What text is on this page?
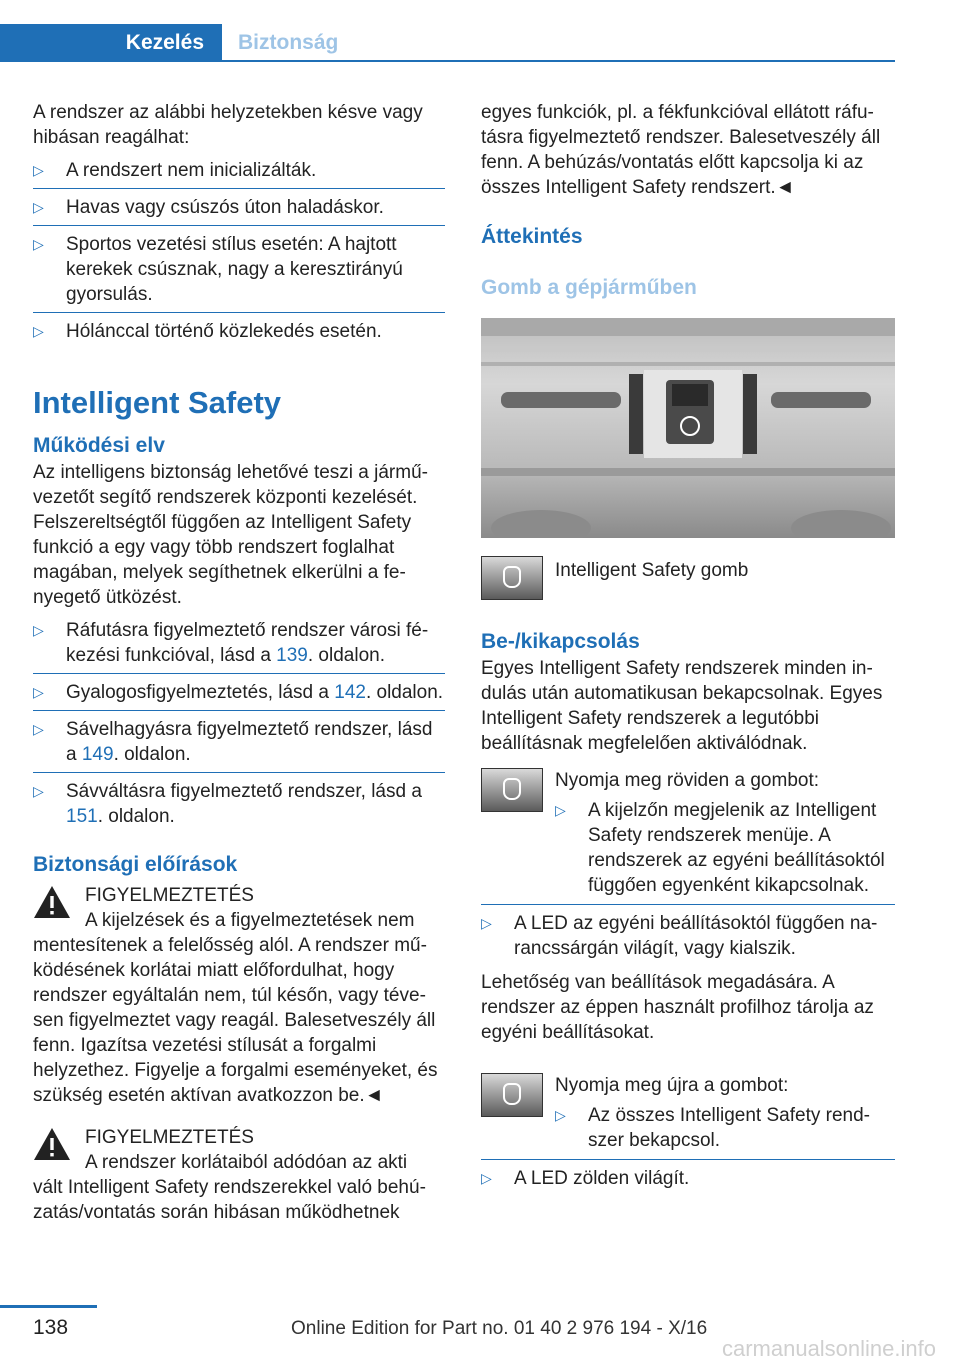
Kezelés	Biztonság

A rendszer az alábbi helyzetekben késve vagy hibásan reagálhat:

▷ A rendszert nem inicializálták.
▷ Havas vagy csúszós úton haladáskor.
▷ Sportos vezetési stílus esetén: A hajtott kerekek csúsznak, nagy a keresztirányú gyorsulás.
▷ Hólánccal történő közlekedés esetén.
Intelligent Safety
Működési elv

Az intelligens biztonság lehetővé teszi a járművezetőt segítő rendszerek központi kezelését. Felszereltségtől függően az Intelligent Safety funkció a egy vagy több rendszert foglalhat magában, melyek segíthetnek elkerülni a fenyegető ütközést.

▷ Ráfutásra figyelmeztető rendszer városi fékezési funkcióval, lásd a 139. oldalon.
▷ Gyalogosfigyelmeztetés, lásd a 142. oldalon.
▷ Sávelhagyásra figyelmeztető rendszer, lásd a 149. oldalon.
▷ Sávváltásra figyelmeztető rendszer, lásd a 151. oldalon.
Biztonsági előírások

FIGYELMEZTETÉS

A kijelzések és a figyelmeztetések nem

mentesítenek a felelősség alól. A rendszer működésének korlátai miatt előfordulhat, hogy rendszer egyáltalán nem, túl későn, vagy tévesen figyelmeztet vagy reagál. Balesetveszély áll fenn. Igazítsa vezetési stílusát a forgalmi helyzethez. Figyelje a forgalmi eseményeket, és szükség esetén aktívan avatkozzon be.◄

FIGYELMEZTETÉS

A rendszer korlátaiból adódóan az akti

vált Intelligent Safety rendszerekkel való behúzatás/vontatás során hibásan működhetnek

egyes funkciók, pl. a fékfunkcióval ellátott ráfutásra figyelmeztető rendszer. Balesetveszély áll fenn. A behúzás/vontatás előtt kapcsolja ki az összes Intelligent Safety rendszert.◄

Áttekintés
Gomb a gépjárműben
Intelligent Safety gomb
Be-/kikapcsolás

Egyes Intelligent Safety rendszerek minden indulás után automatikusan bekapcsolnak. Egyes Intelligent Safety rendszerek a legutóbbi beállításnak megfelelően aktiválódnak.

Nyomja meg röviden a gombot:

▷ A kijelzőn megjelenik az Intelligent Safety rendszerek menüje. A rendszerek az egyéni beállításoktól függően egyenként kikapcsolnak.
▷ A LED az egyéni beállításoktól függően narancssárgán világít, vagy kialszik.

Lehetőség van beállítások megadására. A rendszer az éppen használt profilhoz tárolja az egyéni beállításokat.

Nyomja meg újra a gombot:

▷ Az összes Intelligent Safety rendszer bekapcsol.
▷ A LED zölden világít.
138	Online Edition for Part no. 01 40 2 976 194 - X/16
carmanualsonline.info
